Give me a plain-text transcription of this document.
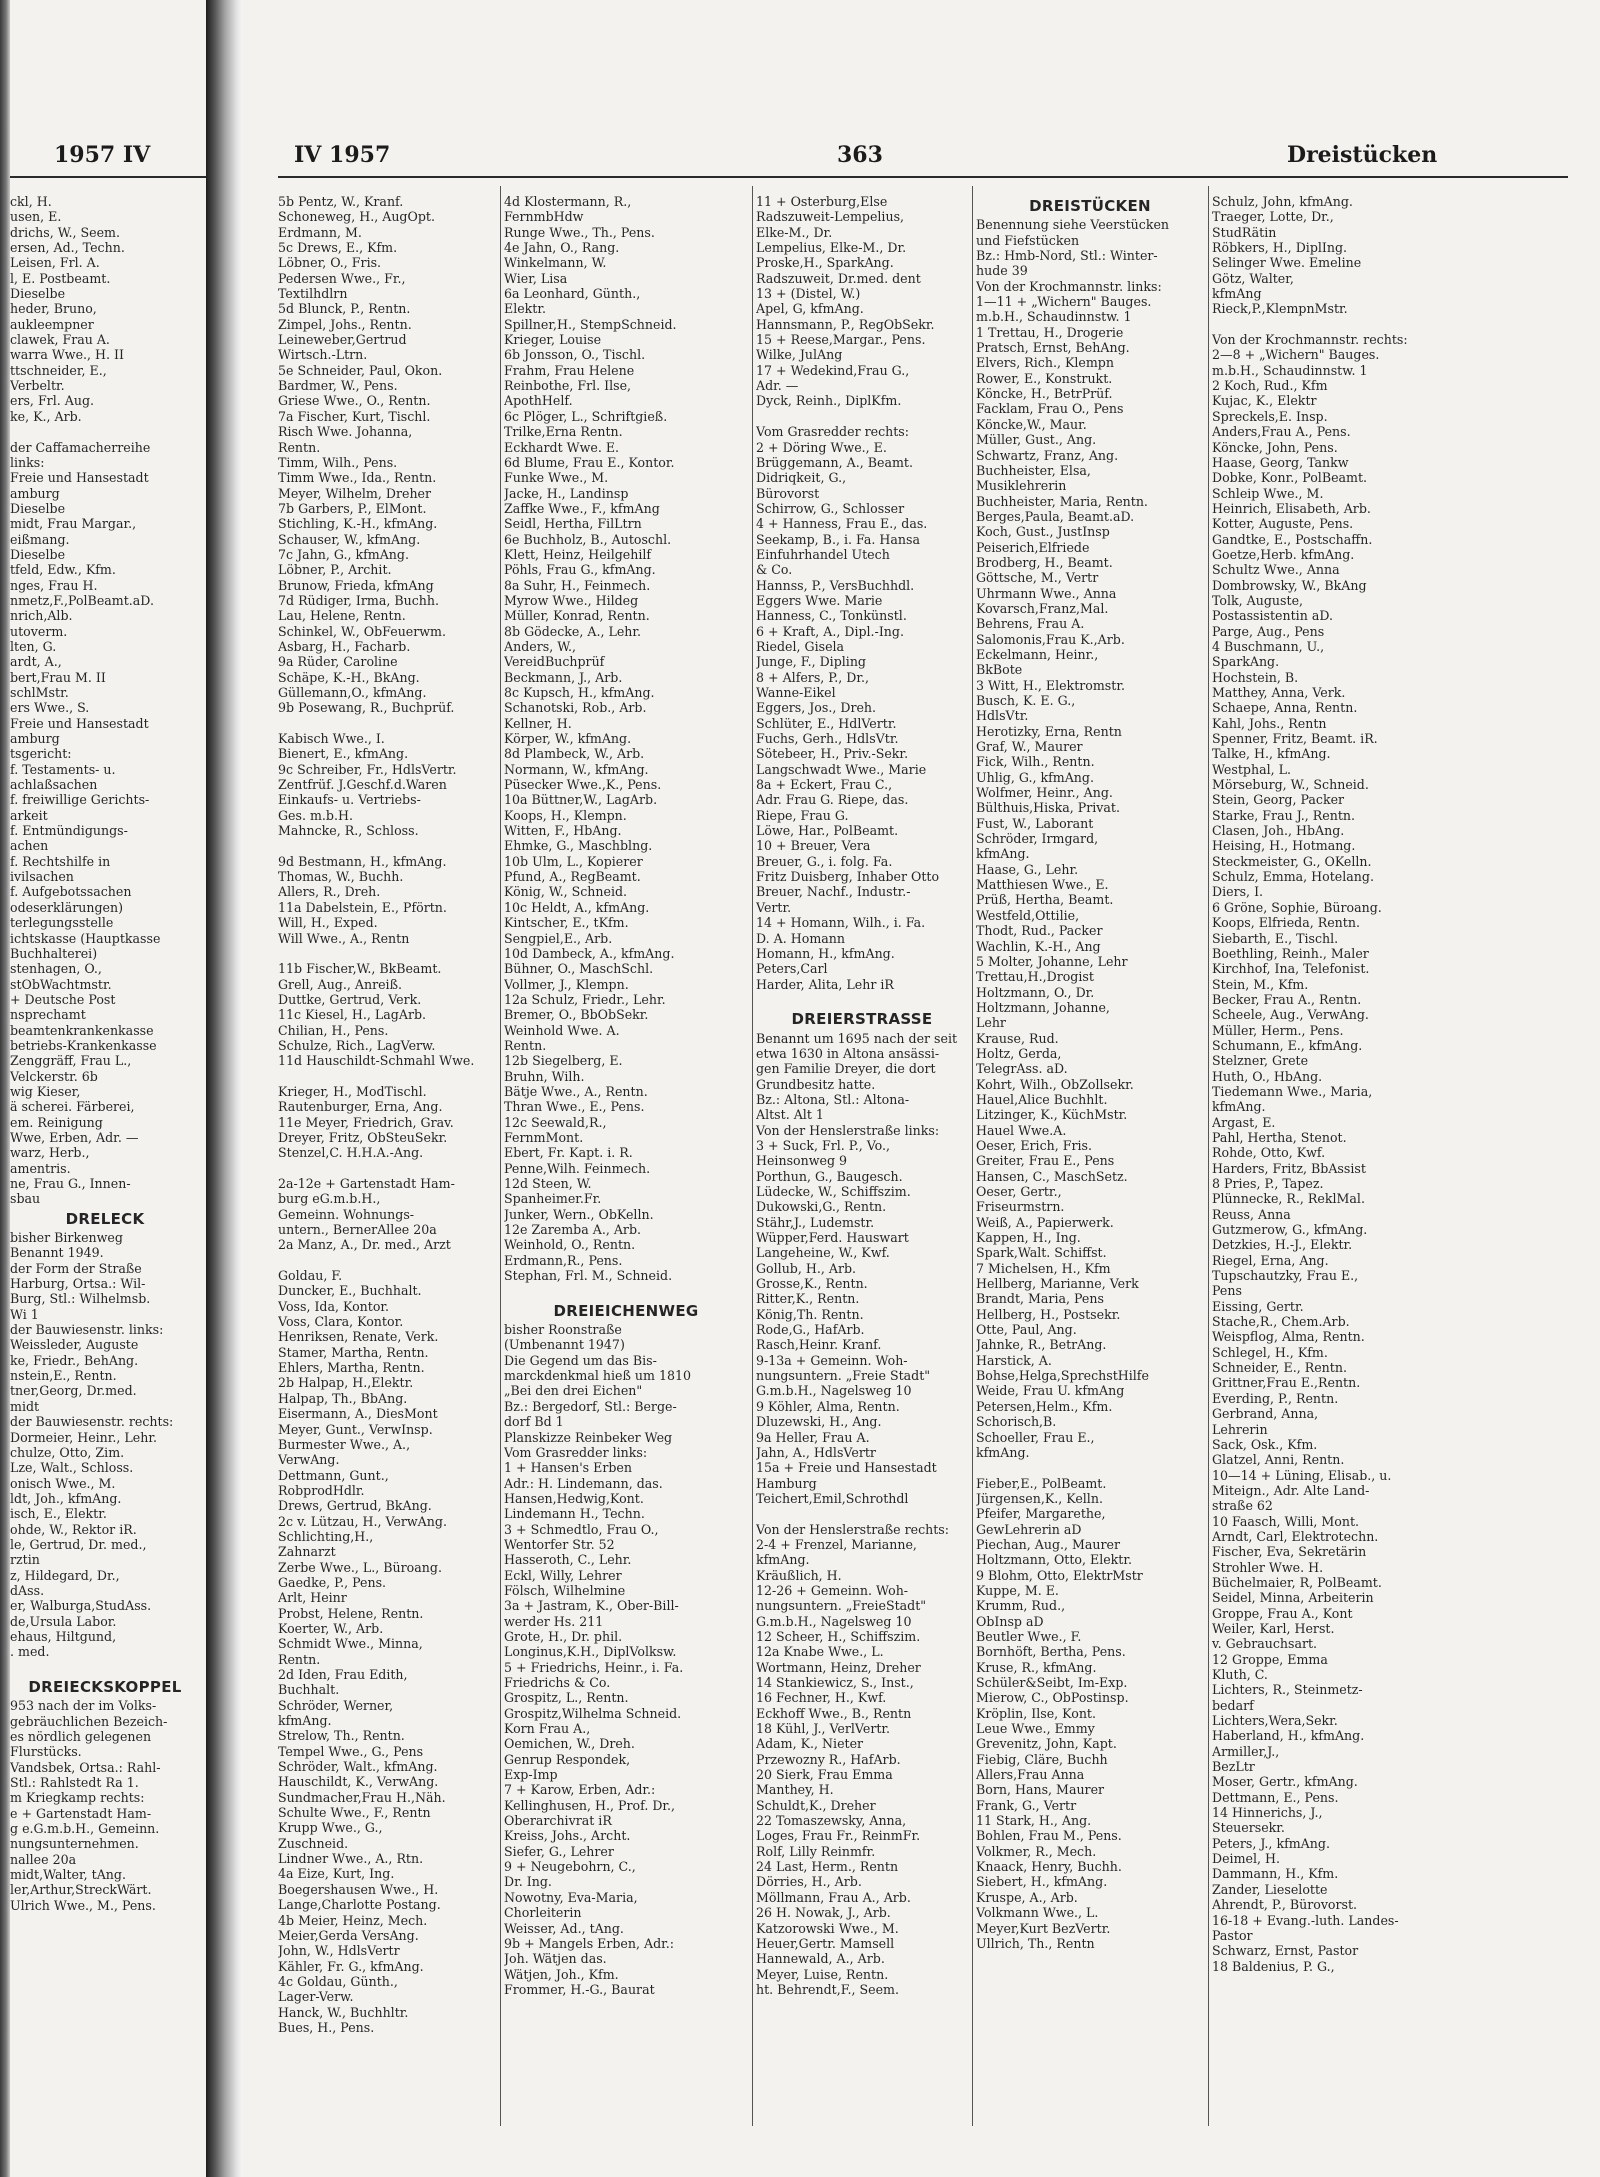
1957 IV
ckl, H.
usen, E.
drichs, W., Seem.
ersen, Ad., Techn.
Leisen, Frl. A.
l, E. Postbeamt.
Dieselbe
heder, Bruno,
aukleempner
clawek, Frau A.
warra Wwe., H. II
ttschneider, E.,
Verbeltr.
ers, Frl. Aug.
ke, K., Arb.
der Caffamacherreihe
links:
Freie und Hansestadt
amburg
Dieselbe
midt, Frau Margar.,
eißmang.
Dieselbe
tfeld, Edw., Kfm.
nges, Frau H.
nmetz,F.,PolBeamt.aD.
nrich,Alb.
utoverm.
lten, G.
ardt, A.,
bert,Frau M. II
schlMstr.
ers Wwe., S.
Freie und Hansestadt
amburg
tsgericht:
f. Testaments- u.
achlaßsachen
f. freiwillige Gerichts-
arkeit
f. Entmündigungs-
achen
f. Rechtshilfe in
ivilsachen
f. Aufgebotssachen
odeserklärungen)
terlegungsstelle
ichtskasse (Hauptkasse
Buchhalterei)
stenhagen, O.,
stObWachtmstr.
+ Deutsche Post
nsprechamt
beamtenkrankenkasse
betriebs-Krankenkasse
Zenggräff, Frau L.,
Velckerstr. 6b
wig Kieser,
ä scherei. Färberei,
em. Reinigung
Wwe, Erben, Adr. —
warz, Herb.,
amentris.
ne, Frau G., Innen-
sbau
DRELECK
bisher Birkenweg
Benannt 1949.
der Form der Straße
Harburg, Ortsa.: Wil-
Burg, Stl.: Wilhelmsb.
Wi 1
der Bauwiesenstr. links:
Weissleder, Auguste
ke, Friedr., BehAng.
nstein,E., Rentn.
tner,Georg, Dr.med.
midt
der Bauwiesenstr. rechts:
Dormeier, Heinr., Lehr.
chulze, Otto, Zim.
Lze, Walt., Schloss.
onisch Wwe., M.
ldt, Joh., kfmAng.
isch, E., Elektr.
ohde, W., Rektor iR.
le, Gertrud, Dr. med.,
rztin
z, Hildegard, Dr.,
dAss.
er, Walburga,StudAss.
de,Ursula Labor.
ehaus, Hiltgund,
. med.
DREIECKSKOPPEL
953 nach der im Volks-
gebräuchlichen Bezeich-
es nördlich gelegenen
Flurstücks.
Vandsbek, Ortsa.: Rahl-
Stl.: Rahlstedt Ra 1.
m Kriegkamp rechts:
e + Gartenstadt Ham-
g e.G.m.b.H., Gemeinn.
nungsunternehmen.
nallee 20a
midt,Walter, tAng.
ler,Arthur,StreckWärt.
Ulrich Wwe., M., Pens.
IV 1957	363	Dreistücken
5b Pentz, W., Kranf.
Schoneweg, H., AugOpt.
Erdmann, M.
5c Drews, E., Kfm.
Löbner, O., Fris.
Pedersen Wwe., Fr.,
Textilhdlrn
5d Blunck, P., Rentn.
Zimpel, Johs., Rentn.
Leineweber,Gertrud
Wirtsch.-Ltrn.
5e Schneider, Paul, Okon.
Bardmer, W., Pens.
Griese Wwe., O., Rentn.
7a Fischer, Kurt, Tischl.
Risch Wwe. Johanna,
Rentn.
Timm, Wilh., Pens.
Timm Wwe., Ida., Rentn.
Meyer, Wilhelm, Dreher
7b Garbers, P., ElMont.
Stichling, K.-H., kfmAng.
Schauser, W., kfmAng.
7c Jahn, G., kfmAng.
Löbner, P., Archit.
Brunow, Frieda, kfmAng
7d Rüdiger, Irma, Buchh.
Lau, Helene, Rentn.
Schinkel, W., ObFeuerwm.
Asbarg, H., Facharb.
9a Rüder, Caroline
Schäpe, K.-H., BkAng.
Güllemann,O., kfmAng.
9b Posewang, R., Buchprüf.
Kabisch Wwe., I.
Bienert, E., kfmAng.
9c Schreiber, Fr., HdlsVertr.
Zentfrüf. J.Geschf.d.Waren
Einkaufs- u. Vertriebs-
Ges. m.b.H.
Mahncke, R., Schloss.
9d Bestmann, H., kfmAng.
Thomas, W., Buchh.
Allers, R., Dreh.
11a Dabelstein, E., Pförtn.
Will, H., Exped.
Will Wwe., A., Rentn
11b Fischer,W., BkBeamt.
Grell, Aug., Anreiß.
Duttke, Gertrud, Verk.
11c Kiesel, H., LagArb.
Chilian, H., Pens.
Schulze, Rich., LagVerw.
11d Hauschildt-Schmahl Wwe.
Krieger, H., ModTischl.
Rautenburger, Erna, Ang.
11e Meyer, Friedrich, Grav.
Dreyer, Fritz, ObSteuSekr.
Stenzel,C. H.H.A.-Ang.
2a-12e + Gartenstadt Ham-
burg eG.m.b.H.,
Gemeinn. Wohnungs-
untern., BernerAllee 20a
2a Manz, A., Dr. med., Arzt
Goldau, F.
Duncker, E., Buchhalt.
Voss, Ida, Kontor.
Voss, Clara, Kontor.
Henriksen, Renate, Verk.
Stamer, Martha, Rentn.
Ehlers, Martha, Rentn.
2b Halpap, H.,Elektr.
Halpap, Th., BbAng.
Eisermann, A., DiesMont
Meyer, Gunt., VerwInsp.
Burmester Wwe., A.,
VerwAng.
Dettmann, Gunt.,
RobprodHdlr.
Drews, Gertrud, BkAng.
2c v. Lützau, H., VerwAng.
Schlichting,H.,
Zahnarzt
Zerbe Wwe., L., Büroang.
Gaedke, P., Pens.
Arlt, Heinr
Probst, Helene, Rentn.
Koerter, W., Arb.
Schmidt Wwe., Minna,
Rentn.
2d Iden, Frau Edith,
Buchhalt.
Schröder, Werner,
kfmAng.
Strelow, Th., Rentn.
Tempel Wwe., G., Pens
Schröder, Walt., kfmAng.
Hauschildt, K., VerwAng.
Sundmacher,Frau H.,Näh.
Schulte Wwe., F., Rentn
Krupp Wwe., G.,
Zuschneid.
Lindner Wwe., A., Rtn.
4a Eize, Kurt, Ing.
Boegershausen Wwe., H.
Lange,Charlotte Postang.
4b Meier, Heinz, Mech.
Meier,Gerda VersAng.
John, W., HdlsVertr
Kähler, Fr. G., kfmAng.
4c Goldau, Günth.,
Lager-Verw.
Hanck, W., Buchhltr.
Bues, H., Pens.
4d Klostermann, R.,
FernmbHdw
Runge Wwe., Th., Pens.
4e Jahn, O., Rang.
Winkelmann, W.
Wier, Lisa
6a Leonhard, Günth.,
Elektr.
Spillner,H., StempSchneid.
Krieger, Louise
6b Jonsson, O., Tischl.
Frahm, Frau Helene
Reinbothe, Frl. Ilse,
ApothHelf.
6c Plöger, L., Schriftgieß.
Trilke,Erna Rentn.
Eckhardt Wwe. E.
6d Blume, Frau E., Kontor.
Funke Wwe., M.
Jacke, H., Landinsp
Zaffke Wwe., F., kfmAng
Seidl, Hertha, FilLtrn
6e Buchholz, B., Autoschl.
Klett, Heinz, Heilgehilf
Pöhls, Frau G., kfmAng.
8a Suhr, H., Feinmech.
Myrow Wwe., Hildeg
Müller, Konrad, Rentn.
8b Gödecke, A., Lehr.
Anders, W.,
VereidBuchprüf
Beckmann, J., Arb.
8c Kupsch, H., kfmAng.
Schanotski, Rob., Arb.
Kellner, H.
Körper, W., kfmAng.
8d Plambeck, W., Arb.
Normann, W., kfmAng.
Püsecker Wwe.,K., Pens.
10a Büttner,W., LagArb.
Koops, H., Klempn.
Witten, F., HbAng.
Ehmke, G., Maschblng.
10b Ulm, L., Kopierer
Pfund, A., RegBeamt.
König, W., Schneid.
10c Heldt, A., kfmAng.
Kintscher, E., tKfm.
Sengpiel,E., Arb.
10d Dambeck, A., kfmAng.
Bühner, O., MaschSchl.
Vollmer, J., Klempn.
12a Schulz, Friedr., Lehr.
Bremer, O., BbObSekr.
Weinhold Wwe. A.
Rentn.
12b Siegelberg, E.
Bruhn, Wilh.
Bätje Wwe., A., Rentn.
Thran Wwe., E., Pens.
12c Seewald,R.,
FernmMont.
Ebert, Fr. Kapt. i. R.
Penne,Wilh. Feinmech.
12d Steen, W.
Spanheimer.Fr.
Junker, Wern., ObKelln.
12e Zaremba A., Arb.
Weinhold, O., Rentn.
Erdmann,R., Pens.
Stephan, Frl. M., Schneid.
DREIEICHENWEG
bisher Roonstraße
(Umbenannt 1947)
Die Gegend um das Bis-
marckdenkmal hieß um 1810
„Bei den drei Eichen"
Bz.: Bergedorf, Stl.: Berge-
dorf Bd 1
Planskizze Reinbeker Weg
Vom Grasredder links:
1 + Hansen's Erben
Adr.: H. Lindemann, das.
Hansen,Hedwig,Kont.
Lindemann H., Techn.
3 + Schmedtlo, Frau O.,
Wentorfer Str. 52
Hasseroth, C., Lehr.
Eckl, Willy, Lehrer
Fölsch, Wilhelmine
3a + Jastram, K., Ober-Bill-
werder Hs. 211
Grote, H., Dr. phil.
Longinus,K.H., DiplVolksw.
5 + Friedrichs, Heinr., i. Fa.
Friedrichs & Co.
Grospitz, L., Rentn.
Grospitz,Wilhelma Schneid.
Korn Frau A.,
Oemichen, W., Dreh.
Genrup Respondek,
Exp-Imp
7 + Karow, Erben, Adr.:
Kellinghusen, H., Prof. Dr.,
Oberarchivrat iR
Kreiss, Johs., Archt.
Siefer, G., Lehrer
9 + Neugebohrn, C.,
Dr. Ing.
Nowotny, Eva-Maria,
Chorleiterin
Weisser, Ad., tAng.
9b + Mangels Erben, Adr.:
Joh. Wätjen das.
Wätjen, Joh., Kfm.
Frommer, H.-G., Baurat
11 + Osterburg,Else
Radszuweit-Lempelius,
Elke-M., Dr.
Lempelius, Elke-M., Dr.
Proske,H., SparkAng.
Radszuweit, Dr.med. dent
13 + (Distel, W.)
Apel, G, kfmAng.
Hannsmann, P., RegObSekr.
15 + Reese,Margar., Pens.
Wilke, JulAng
17 + Wedekind,Frau G.,
Adr. —
Dyck, Reinh., DiplKfm.
Vom Grasredder rechts:
2 + Döring Wwe., E.
Brüggemann, A., Beamt.
Didriqkeit, G.,
Bürovorst
Schirrow, G., Schlosser
4 + Hanness, Frau E., das.
Seekamp, B., i. Fa. Hansa
Einfuhrhandel Utech
& Co.
Hannss, P., VersBuchhdl.
Eggers Wwe. Marie
Hanness, C., Tonkünstl.
6 + Kraft, A., Dipl.-Ing.
Riedel, Gisela
Junge, F., Dipling
8 + Alfers, P., Dr.,
Wanne-Eikel
Eggers, Jos., Dreh.
Schlüter, E., HdlVertr.
Fuchs, Gerh., HdlsVtr.
Sötebeer, H., Priv.-Sekr.
Langschwadt Wwe., Marie
8a + Eckert, Frau C.,
Adr. Frau G. Riepe, das.
Riepe, Frau G.
Löwe, Har., PolBeamt.
10 + Breuer, Vera
Breuer, G., i. folg. Fa.
Fritz Duisberg, Inhaber Otto
Breuer, Nachf., Industr.-
Vertr.
14 + Homann, Wilh., i. Fa.
D. A. Homann
Homann, H., kfmAng.
Peters,Carl
Harder, Alita, Lehr iR
DREIERSTRASSE
Benannt um 1695 nach der seit
etwa 1630 in Altona ansässi-
gen Familie Dreyer, die dort
Grundbesitz hatte.
Bz.: Altona, Stl.: Altona-
Altst. Alt 1
Von der Henslerstraße links:
3 + Suck, Frl. P., Vo.,
Heinsonweg 9
Porthun, G., Baugesch.
Lüdecke, W., Schiffszim.
Dukowski,G., Rentn.
Stähr,J., Ludemstr.
Wüpper,Ferd. Hauswart
Langeheine, W., Kwf.
Gollub, H., Arb.
Grosse,K., Rentn.
Ritter,K., Rentn.
König,Th. Rentn.
Rode,G., HafArb.
Rasch,Heinr. Kranf.
9-13a + Gemeinn. Woh-
nungsuntern. „Freie Stadt"
G.m.b.H., Nagelsweg 10
9 Köhler, Alma, Rentn.
Dluzewski, H., Ang.
9a Heller, Frau A.
Jahn, A., HdlsVertr
15a + Freie und Hansestadt
Hamburg
Teichert,Emil,Schrothdl
Von der Henslerstraße rechts:
2-4 + Frenzel, Marianne,
kfmAng.
Kräußlich, H.
12-26 + Gemeinn. Woh-
nungsuntern. „FreieStadt"
G.m.b.H., Nagelsweg 10
12 Scheer, H., Schiffszim.
12a Knabe Wwe., L.
Wortmann, Heinz, Dreher
14 Stankiewicz, S., Inst.,
16 Fechner, H., Kwf.
Eckhoff Wwe., B., Rentn
18 Kühl, J., VerlVertr.
Adam, K., Nieter
Przewozny R., HafArb.
20 Sierk, Frau Emma
Manthey, H.
Schuldt,K., Dreher
22 Tomaszewsky, Anna,
Loges, Frau Fr., ReinmFr.
Rolf, Lilly Reinmfr.
24 Last, Herm., Rentn
Dörries, H., Arb.
Möllmann, Frau A., Arb.
26 H. Nowak, J., Arb.
Katzorowski Wwe., M.
Heuer,Gertr. Mamsell
Hannewald, A., Arb.
Meyer, Luise, Rentn.
ht. Behrendt,F., Seem.
DREISTÜCKEN
Benennung siehe Veerstücken
und Fiefstücken
Bz.: Hmb-Nord, Stl.: Winter-
hude 39
Von der Krochmannstr. links:
1—11 + „Wichern" Bauges.
m.b.H., Schaudinnstw. 1
1 Trettau, H., Drogerie
Pratsch, Ernst, BehAng.
Elvers, Rich., Klempn
Rower, E., Konstrukt.
Köncke, H., BetrPrüf.
Facklam, Frau O., Pens
Köncke,W., Maur.
Müller, Gust., Ang.
Schwartz, Franz, Ang.
Buchheister, Elsa,
Musiklehrerin
Buchheister, Maria, Rentn.
Berges,Paula, Beamt.aD.
Koch, Gust., JustInsp
Peiserich,Elfriede
Brodberg, H., Beamt.
Göttsche, M., Vertr
Uhrmann Wwe., Anna
Kovarsch,Franz,Mal.
Behrens, Frau A.
Salomonis,Frau K.,Arb.
Eckelmann, Heinr.,
BkBote
3 Witt, H., Elektromstr.
Busch, K. E. G.,
HdlsVtr.
Herotizky, Erna, Rentn
Graf, W., Maurer
Fick, Wilh., Rentn.
Uhlig, G., kfmAng.
Wolfmer, Heinr., Ang.
Bülthuis,Hiska, Privat.
Fust, W., Laborant
Schröder, Irmgard,
kfmAng.
Haase, G., Lehr.
Matthiesen Wwe., E.
Prüß, Hertha, Beamt.
Westfeld,Ottilie,
Thodt, Rud., Packer
Wachlin, K.-H., Ang
5 Molter, Johanne, Lehr
Trettau,H.,Drogist
Holtzmann, O., Dr.
Holtzmann, Johanne,
Lehr
Krause, Rud.
Holtz, Gerda,
TelegrAss. aD.
Kohrt, Wilh., ObZollsekr.
Hauel,Alice Buchhlt.
Litzinger, K., KüchMstr.
Hauel Wwe.A.
Oeser, Erich, Fris.
Greiter, Frau E., Pens
Hansen, C., MaschSetz.
Oeser, Gertr.,
Friseurmstrn.
Weiß, A., Papierwerk.
Kappen, H., Ing.
Spark,Walt. Schiffst.
7 Michelsen, H., Kfm
Hellberg, Marianne, Verk
Brandt, Maria, Pens
Hellberg, H., Postsekr.
Otte, Paul, Ang.
Jahnke, R., BetrAng.
Harstick, A.
Bohse,Helga,SprechstHilfe
Weide, Frau U. kfmAng
Petersen,Helm., Kfm.
Schorisch,B.
Schoeller, Frau E.,
kfmAng.
Fieber,E., PolBeamt.
Jürgensen,K., Kelln.
Pfeifer, Margarethe,
GewLehrerin aD
Piechan, Aug., Maurer
Holtzmann, Otto, Elektr.
9 Blohm, Otto, ElektrMstr
Kuppe, M. E.
Krumm, Rud.,
ObInsp aD
Beutler Wwe., F.
Bornhöft, Bertha, Pens.
Kruse, R., kfmAng.
Schüler&Seibt, Im-Exp.
Mierow, C., ObPostinsp.
Kröplin, Ilse, Kont.
Leue Wwe., Emmy
Grevenitz, John, Kapt.
Fiebig, Cläre, Buchh
Allers,Frau Anna
Born, Hans, Maurer
Frank, G., Vertr
11 Stark, H., Ang.
Bohlen, Frau M., Pens.
Volkmer, R., Mech.
Knaack, Henry, Buchh.
Siebert, H., kfmAng.
Kruspe, A., Arb.
Volkmann Wwe., L.
Meyer,Kurt BezVertr.
Ullrich, Th., Rentn
Schulz, John, kfmAng.
Traeger, Lotte, Dr.,
StudRätin
Röbkers, H., DiplIng.
Selinger Wwe. Emeline
Götz, Walter,
kfmAng
Rieck,P.,KlempnMstr.
Von der Krochmannstr. rechts:
2—8 + „Wichern" Bauges.
m.b.H., Schaudinnstw. 1
2 Koch, Rud., Kfm
Kujac, K., Elektr
Spreckels,E. Insp.
Anders,Frau A., Pens.
Köncke, John, Pens.
Haase, Georg, Tankw
Dobke, Konr., PolBeamt.
Schleip Wwe., M.
Heinrich, Elisabeth, Arb.
Kotter, Auguste, Pens.
Gandtke, E., Postschaffn.
Goetze,Herb. kfmAng.
Schultz Wwe., Anna
Dombrowsky, W., BkAng
Tolk, Auguste,
Postassistentin aD.
Parge, Aug., Pens
4 Buschmann, U.,
SparkAng.
Hochstein, B.
Matthey, Anna, Verk.
Schaepe, Anna, Rentn.
Kahl, Johs., Rentn
Spenner, Fritz, Beamt. iR.
Talke, H., kfmAng.
Westphal, L.
Mörseburg, W., Schneid.
Stein, Georg, Packer
Starke, Frau J., Rentn.
Clasen, Joh., HbAng.
Heising, H., Hotmang.
Steckmeister, G., OKelln.
Schulz, Emma, Hotelang.
Diers, I.
6 Gröne, Sophie, Büroang.
Koops, Elfrieda, Rentn.
Siebarth, E., Tischl.
Boethling, Reinh., Maler
Kirchhof, Ina, Telefonist.
Stein, M., Kfm.
Becker, Frau A., Rentn.
Scheele, Aug., VerwAng.
Müller, Herm., Pens.
Schumann, E., kfmAng.
Stelzner, Grete
Huth, O., HbAng.
Tiedemann Wwe., Maria,
kfmAng.
Argast, E.
Pahl, Hertha, Stenot.
Rohde, Otto, Kwf.
Harders, Fritz, BbAssist
8 Pries, P., Tapez.
Plünnecke, R., ReklMal.
Reuss, Anna
Gutzmerow, G., kfmAng.
Detzkies, H.-J., Elektr.
Riegel, Erna, Ang.
Tupschautzky, Frau E.,
Pens
Eissing, Gertr.
Stache,R., Chem.Arb.
Weispflog, Alma, Rentn.
Schlegel, H., Kfm.
Schneider, E., Rentn.
Grittner,Frau E.,Rentn.
Everding, P., Rentn.
Gerbrand, Anna,
Lehrerin
Sack, Osk., Kfm.
Glatzel, Anni, Rentn.
10—14 + Lüning, Elisab., u.
Miteign., Adr. Alte Land-
straße 62
10 Faasch, Willi, Mont.
Arndt, Carl, Elektrotechn.
Fischer, Eva, Sekretärin
Strohler Wwe. H.
Büchelmaier, R, PolBeamt.
Seidel, Minna, Arbeiterin
Groppe, Frau A., Kont
Weiler, Karl, Herst.
v. Gebrauchsart.
12 Groppe, Emma
Kluth, C.
Lichters, R., Steinmetz-
bedarf
Lichters,Wera,Sekr.
Haberland, H., kfmAng.
Armiller,J.,
BezLtr
Moser, Gertr., kfmAng.
Dettmann, E., Pens.
14 Hinnerichs, J.,
Steuersekr.
Peters, J., kfmAng.
Deimel, H.
Dammann, H., Kfm.
Zander, Lieselotte
Ahrendt, P., Bürovorst.
16-18 + Evang.-luth. Landes-
Pastor
Schwarz, Ernst, Pastor
18 Baldenius, P. G.,
